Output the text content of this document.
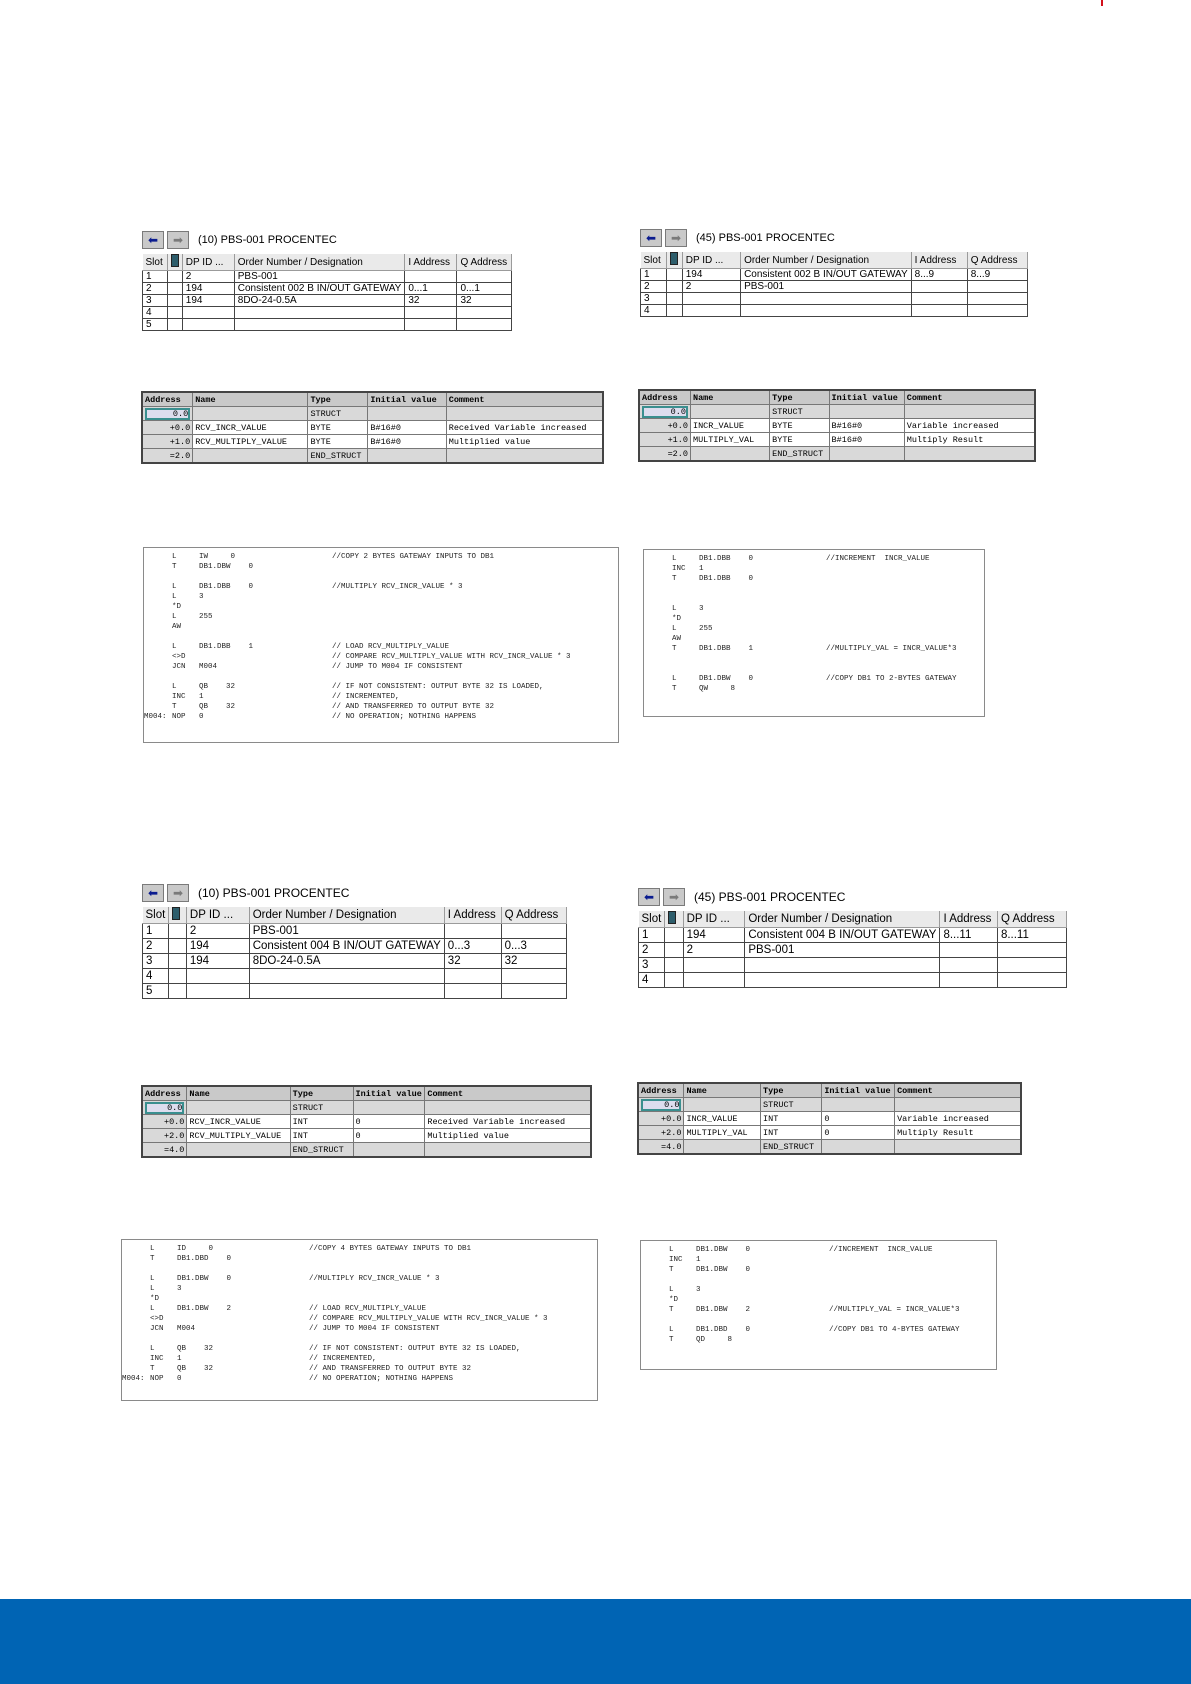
⬅	➡	(10) PBS-001 PROCENTEC
Slot		DP ID ...	Order Number / Designation	I Address	Q Address
1		2	PBS-001		
2		194	Consistent 002 B IN/OUT GATEWAY	0...1	0...1
3		194	8DO-24-0.5A	32	32
4					
5					
⬅	➡	(45) PBS-001 PROCENTEC
Slot		DP ID ...	Order Number / Designation	I Address	Q Address
1		194	Consistent 002 B IN/OUT GATEWAY	8...9	8...9
2		2	PBS-001		
3					
4					
Address	Name	Type	Initial value	Comment

0.0		STRUCT		
+0.0	RCV_INCR_VALUE	BYTE	B#16#0	Received Variable increased
+1.0	RCV_MULTIPLY_VALUE	BYTE	B#16#0	Multiplied value
=2.0		END_STRUCT		
Address	Name	Type	Initial value	Comment

0.0		STRUCT		
+0.0	INCR_VALUE	BYTE	B#16#0	Variable increased
+1.0	MULTIPLY_VAL	BYTE	B#16#0	Multiply Result
=2.0		END_STRUCT		
L	IW     0	//COPY 2 BYTES GATEWAY INPUTS TO DB1
T	DB1.DBW    0
L	DB1.DBB    0	//MULTIPLY RCV_INCR_VALUE * 3
L	3
*D
L	255
AW
L	DB1.DBB    1	// LOAD RCV_MULTIPLY_VALUE
<>D	// COMPARE RCV_MULTIPLY_VALUE WITH RCV_INCR_VALUE * 3
JCN M004	// JUMP TO M004 IF CONSISTENT
L	QB    32	// IF NOT CONSISTENT: OUTPUT BYTE 32 IS LOADED,
INC 1	// INCREMENTED,
T	QB    32	// AND TRANSFERRED TO OUTPUT BYTE 32
M004: NOP 0	// NO OPERATION; NOTHING HAPPENS
L	DB1.DBB    0	//INCREMENT  INCR_VALUE
INC 1
T	DB1.DBB    0
L	3
*D
L	255
AW
T	DB1.DBB    1	//MULTIPLY_VAL = INCR_VALUE*3
L	DB1.DBW    0	//COPY DB1 TO 2-BYTES GATEWAY
T	QW     8
⬅	➡	(10) PBS-001 PROCENTEC
Slot		DP ID ...	Order Number / Designation	I Address	Q Address
1		2	PBS-001		
2		194	Consistent 004 B IN/OUT GATEWAY	0...3	0...3
3		194	8DO-24-0.5A	32	32
4					
5					
⬅	➡	(45) PBS-001 PROCENTEC
Slot		DP ID ...	Order Number / Designation	I Address	Q Address
1		194	Consistent 004 B IN/OUT GATEWAY	8...11	8...11
2		2	PBS-001		
3					
4					
Address	Name	Type	Initial value	Comment

0.0		STRUCT		
+0.0	RCV_INCR_VALUE	INT	0	Received Variable increased
+2.0	RCV_MULTIPLY_VALUE	INT	0	Multiplied value
=4.0		END_STRUCT		
Address	Name	Type	Initial value	Comment

0.0		STRUCT		
+0.0	INCR_VALUE	INT	0	Variable increased
+2.0	MULTIPLY_VAL	INT	0	Multiply Result
=4.0		END_STRUCT		
L	ID     0	//COPY 4 BYTES GATEWAY INPUTS TO DB1
T	DB1.DBD    0
L	DB1.DBW    0	//MULTIPLY RCV_INCR_VALUE * 3
L	3
*D
L	DB1.DBW    2	// LOAD RCV_MULTIPLY_VALUE
<>D	// COMPARE RCV_MULTIPLY_VALUE WITH RCV_INCR_VALUE * 3
JCN M004	// JUMP TO M004 IF CONSISTENT
L	QB    32	// IF NOT CONSISTENT: OUTPUT BYTE 32 IS LOADED,
INC 1	// INCREMENTED,
T	QB    32	// AND TRANSFERRED TO OUTPUT BYTE 32
M004: NOP 0	// NO OPERATION; NOTHING HAPPENS
L	DB1.DBW    0	//INCREMENT  INCR_VALUE
INC 1
T	DB1.DBW    0
L	3
*D
T	DB1.DBW    2	//MULTIPLY_VAL = INCR_VALUE*3
L	DB1.DBD    0	//COPY DB1 TO 4-BYTES GATEWAY
T	QD     8
